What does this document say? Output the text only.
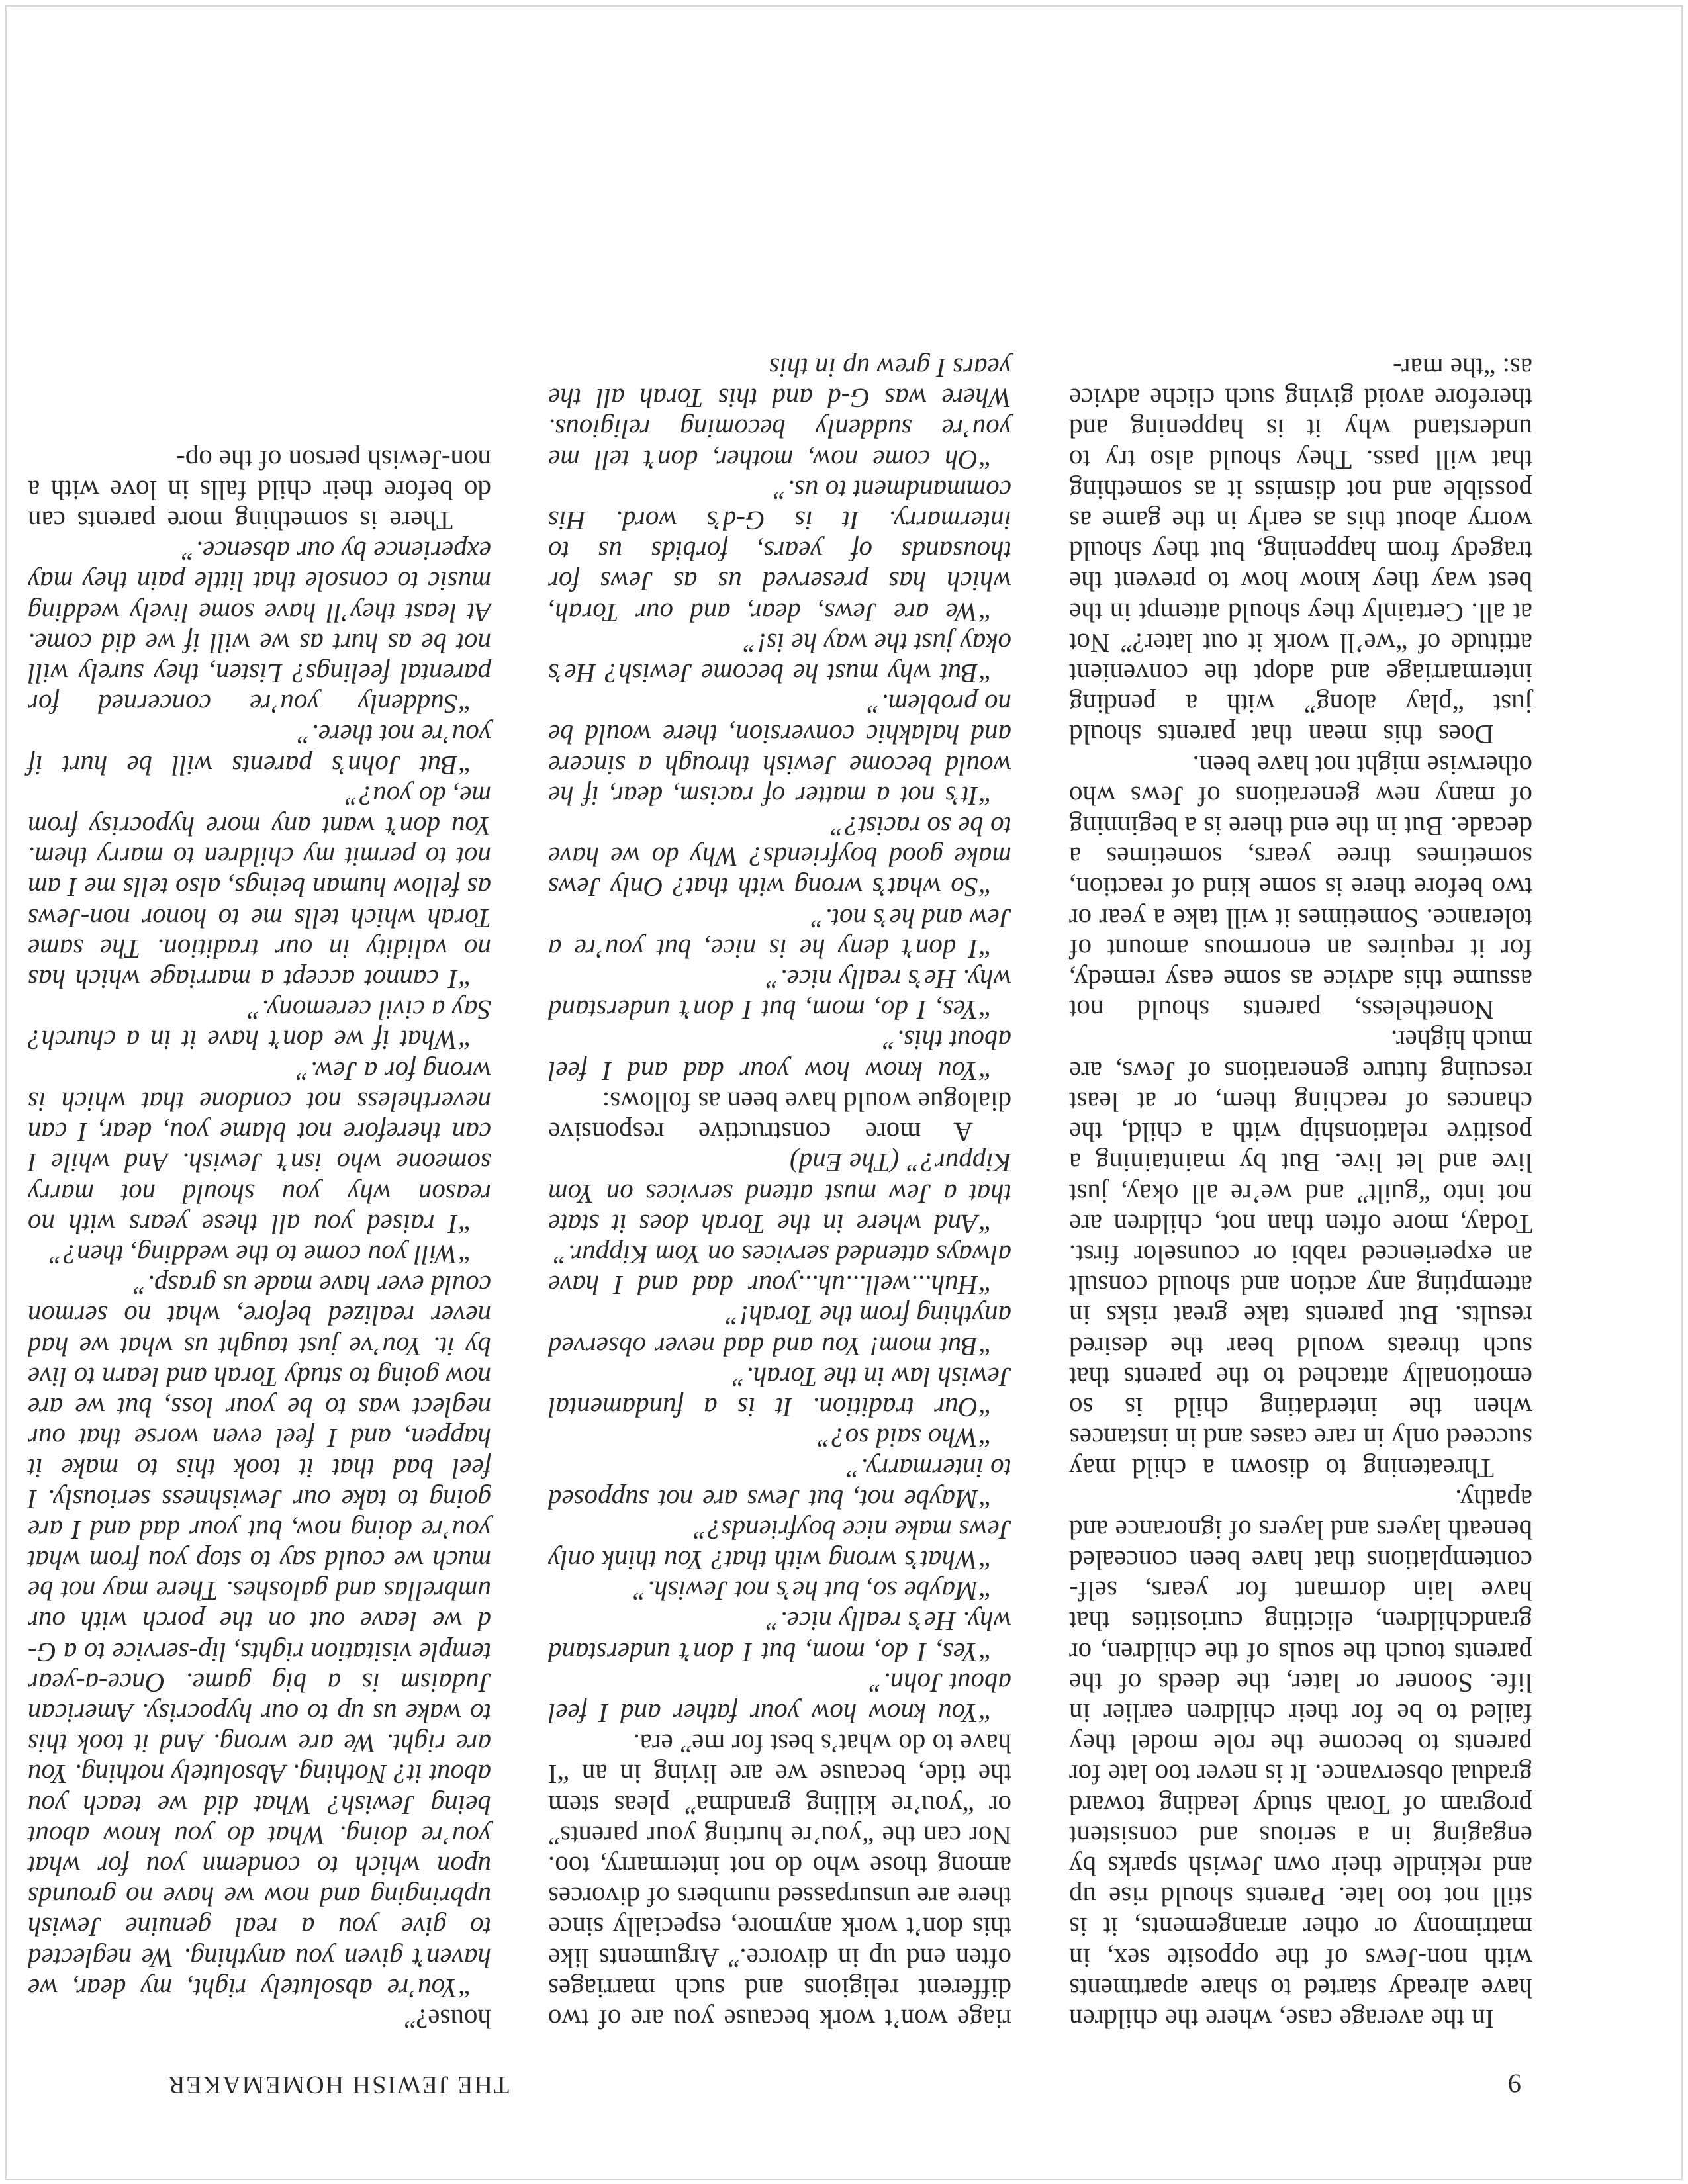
9
THE JEWISH HOMEMAKER

In the average case, where the children have already started to share apartments with non-Jews of the opposite sex, in matrimony or other arrangements, it is still not too late. Parents should rise up and rekindle their own Jewish sparks by engaging in a serious and consistent program of Torah study leading toward gradual observance. It is never too late for parents to become the role model they failed to be for their children earlier in life. Sooner or later, the deeds of the parents touch the souls of the children, or grandchildren, eliciting curiosities that have lain dormant for years, self-contemplations that have been concealed beneath layers and layers of ignorance and apathy.

Threatening to disown a child may succeed only in rare cases and in instances when the interdating child is so emotionally attached to the parents that such threats would bear the desired results. But parents take great risks in attempting any action and should consult an experienced rabbi or counselor first. Today, more often than not, children are not into “guilt” and we’re all okay, just live and let live. But by maintaining a positive relationship with a child, the chances of reaching them, or at least rescuing future generations of Jews, are much higher.

Nonetheless, parents should not assume this advice as some easy remedy, for it requires an enormous amount of tolerance. Sometimes it will take a year or two before there is some kind of reaction, sometimes three years, sometimes a decade. But in the end there is a beginning of many new generations of Jews who otherwise might not have been.

Does this mean that parents should just “play along” with a pending intermarriage and adopt the convenient attitude of “we’ll work it out later?” Not at all. Certainly they should attempt in the best way they know how to prevent the tragedy from happening, but they should worry about this as early in the game as possible and not dismiss it as something that will pass. They should also try to understand why it is happening and therefore avoid giving such cliche advice as: “the mar-

riage won’t work because you are of two different religions and such marriages often end up in divorce.” Arguments like this don’t work anymore, especially since there are unsurpassed numbers of divorces among those who do not intermarry, too. Nor can the “you’re hurting your parents” or “you’re killing grandma” pleas stem the tide, because we are living in an “I have to do what’s best for me” era.

“You know how your father and I feel about John.”

“Yes, I do, mom, but I don’t understand why. He’s really nice.”

“Maybe so, but he’s not Jewish.”

“What’s wrong with that? You think only Jews make nice boyfriends?”

“Maybe not, but Jews are not supposed to intermarry.”

“Who said so?”

“Our tradition. It is a fundamental Jewish law in the Torah.”

“But mom! You and dad never observed anything from the Torah!”

“Huh...well...uh...your dad and I have always attended services on Yom Kippur.”

“And where in the Torah does it state that a Jew must attend services on Yom Kippur?” (The End)

A more constructive responsive dialogue would have been as follows:

“You know how your dad and I feel about this.”

“Yes, I do, mom, but I don’t understand why. He’s really nice.”

“I don’t deny he is nice, but you’re a Jew and he’s not.”

“So what’s wrong with that? Only Jews make good boyfriends? Why do we have to be so racist?”

“It’s not a matter of racism, dear, if he would become Jewish through a sincere and halakhic conversion, there would be no problem.”

“But why must he become Jewish? He’s okay just the way he is!”

“We are Jews, dear, and our Torah, which has preserved us as Jews for thousands of years, forbids us to intermarry. It is G-d’s word. His commandment to us.”

“Oh come now, mother, don’t tell me you’re suddenly becoming religious. Where was G-d and this Torah all the years I grew up in this

house?”

“You’re absolutely right, my dear, we haven’t given you anything. We neglected to give you a real genuine Jewish upbringing and now we have no grounds upon which to condemn you for what you’re doing. What do you know about being Jewish? What did we teach you about it? Nothing. Absolutely nothing. You are right. We are wrong. And it took this to wake us up to our hypocrisy. American Judaism is a big game. Once-a-year temple visitation rights, lip-service to a G-d we leave out on the porch with our umbrellas and galoshes. There may not be much we could say to stop you from what you’re doing now, but your dad and I are going to take our Jewishness seriously. I feel bad that it took this to make it happen, and I feel even worse that our neglect was to be your loss, but we are now going to study Torah and learn to live by it. You’ve just taught us what we had never realized before, what no sermon could ever have made us grasp.”

“Will you come to the wedding, then?”

“I raised you all these years with no reason why you should not marry someone who isn’t Jewish. And while I can therefore not blame you, dear, I can nevertheless not condone that which is wrong for a Jew.”

“What if we don’t have it in a church? Say a civil ceremony.”

“I cannot accept a marriage which has no validity in our tradition. The same Torah which tells me to honor non-Jews as fellow human beings, also tells me I am not to permit my children to marry them. You don’t want any more hypocrisy from me, do you?”

“But John’s parents will be hurt if you’re not there.”

“Suddenly you’re concerned for parental feelings? Listen, they surely will not be as hurt as we will if we did come. At least they’ll have some lively wedding music to console that little pain they may experience by our absence.”

There is something more parents can do before their child falls in love with a non-Jewish person of the op-
